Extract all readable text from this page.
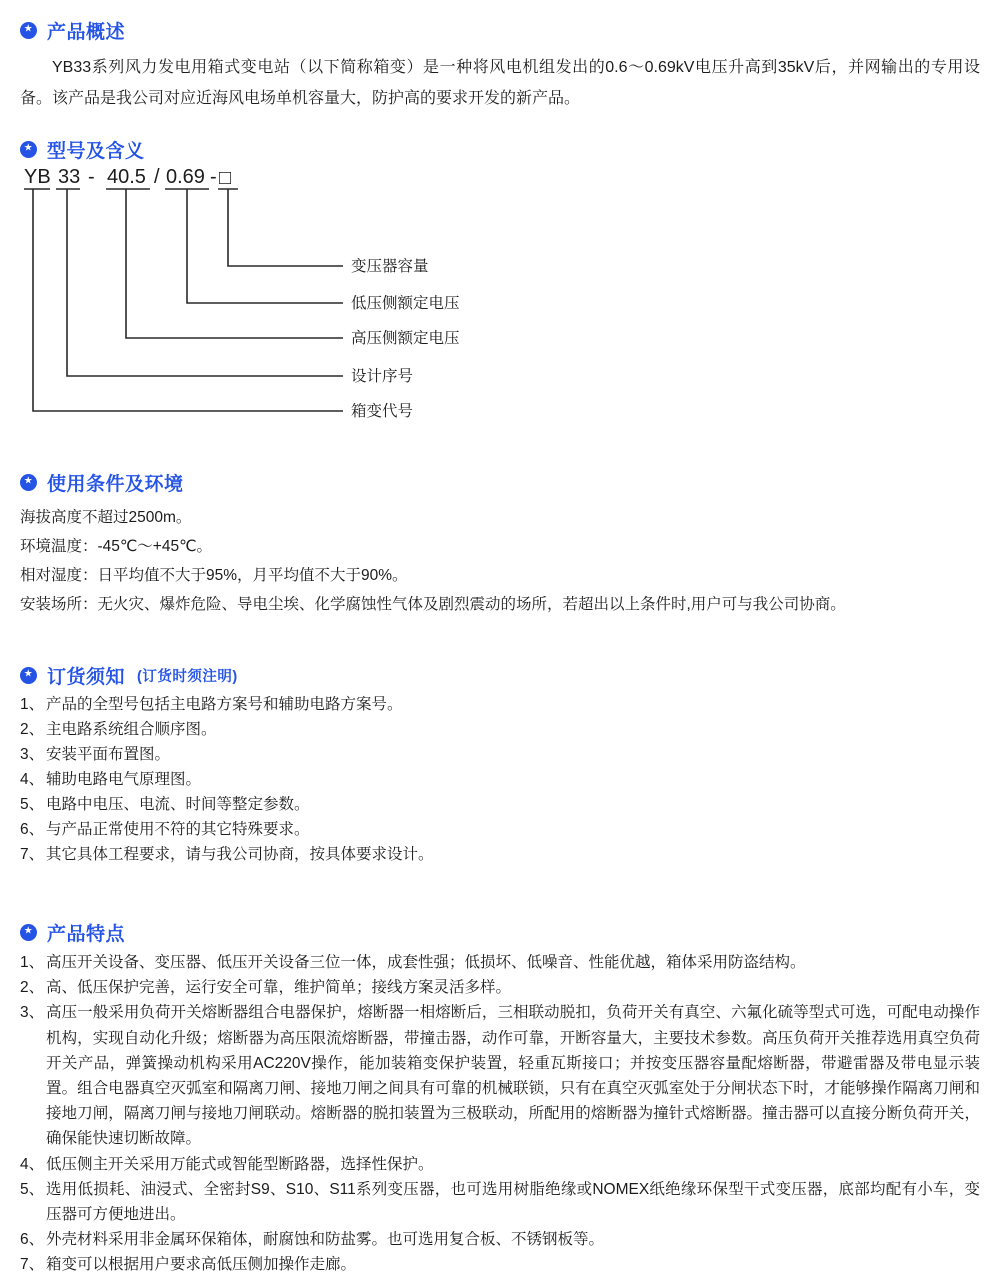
★ 产品概述

YB33系列风力发电用箱式变电站（以下简称箱变）是一种将风电机组发出的0.6～0.69kV电压升高到35kV后，并网输出的专用设备。该产品是我公司对应近海风电场单机容量大，防护高的要求开发的新产品。

★ 型号及含义
YB 33 - 40.5 / 0.69 - □
变压器容量
低压侧额定电压
高压侧额定电压
设计序号
箱变代号
★ 使用条件及环境
海拔高度不超过2500m。
环境温度：-45℃～+45℃。
相对湿度：日平均值不大于95%，月平均值不大于90%。
安装场所：无火灾、爆炸危险、导电尘埃、化学腐蚀性气体及剧烈震动的场所，若超出以上条件时,用户可与我公司协商。
★ 订货须知 (订货时须注明)
1、 产品的全型号包括主电路方案号和辅助电路方案号。
2、 主电路系统组合顺序图。
3、 安装平面布置图。
4、 辅助电路电气原理图。
5、 电路中电压、电流、时间等整定参数。
6、 与产品正常使用不符的其它特殊要求。
7、 其它具体工程要求，请与我公司协商，按具体要求设计。
★ 产品特点
1、 高压开关设备、变压器、低压开关设备三位一体，成套性强；低损坏、低噪音、性能优越，箱体采用防盗结构。
2、 高、低压保护完善，运行安全可靠，维护简单；接线方案灵活多样。
3、 高压一般采用负荷开关熔断器组合电器保护，熔断器一相熔断后，三相联动脱扣，负荷开关有真空、六氟化硫等型式可选，可配电动操作机构，实现自动化升级；熔断器为高压限流熔断器，带撞击器，动作可靠，开断容量大，主要技术参数。高压负荷开关推荐选用真空负荷开关产品，弹簧操动机构采用AC220V操作，能加装箱变保护装置，轻重瓦斯接口；并按变压器容量配熔断器，带避雷器及带电显示装置。组合电器真空灭弧室和隔离刀闸、接地刀闸之间具有可靠的机械联锁，只有在真空灭弧室处于分闸状态下时，才能够操作隔离刀闸和接地刀闸，隔离刀闸与接地刀闸联动。熔断器的脱扣装置为三极联动，所配用的熔断器为撞针式熔断器。撞击器可以直接分断负荷开关，确保能快速切断故障。
4、 低压侧主开关采用万能式或智能型断路器，选择性保护。
5、 选用低损耗、油浸式、全密封S9、S10、S11系列变压器，也可选用树脂绝缘或NOMEX纸绝缘环保型干式变压器，底部均配有小车，变压器可方便地进出。
6、 外壳材料采用非金属环保箱体，耐腐蚀和防盐雾。也可选用复合板、不锈钢板等。
7、 箱变可以根据用户要求高低压侧加操作走廊。
